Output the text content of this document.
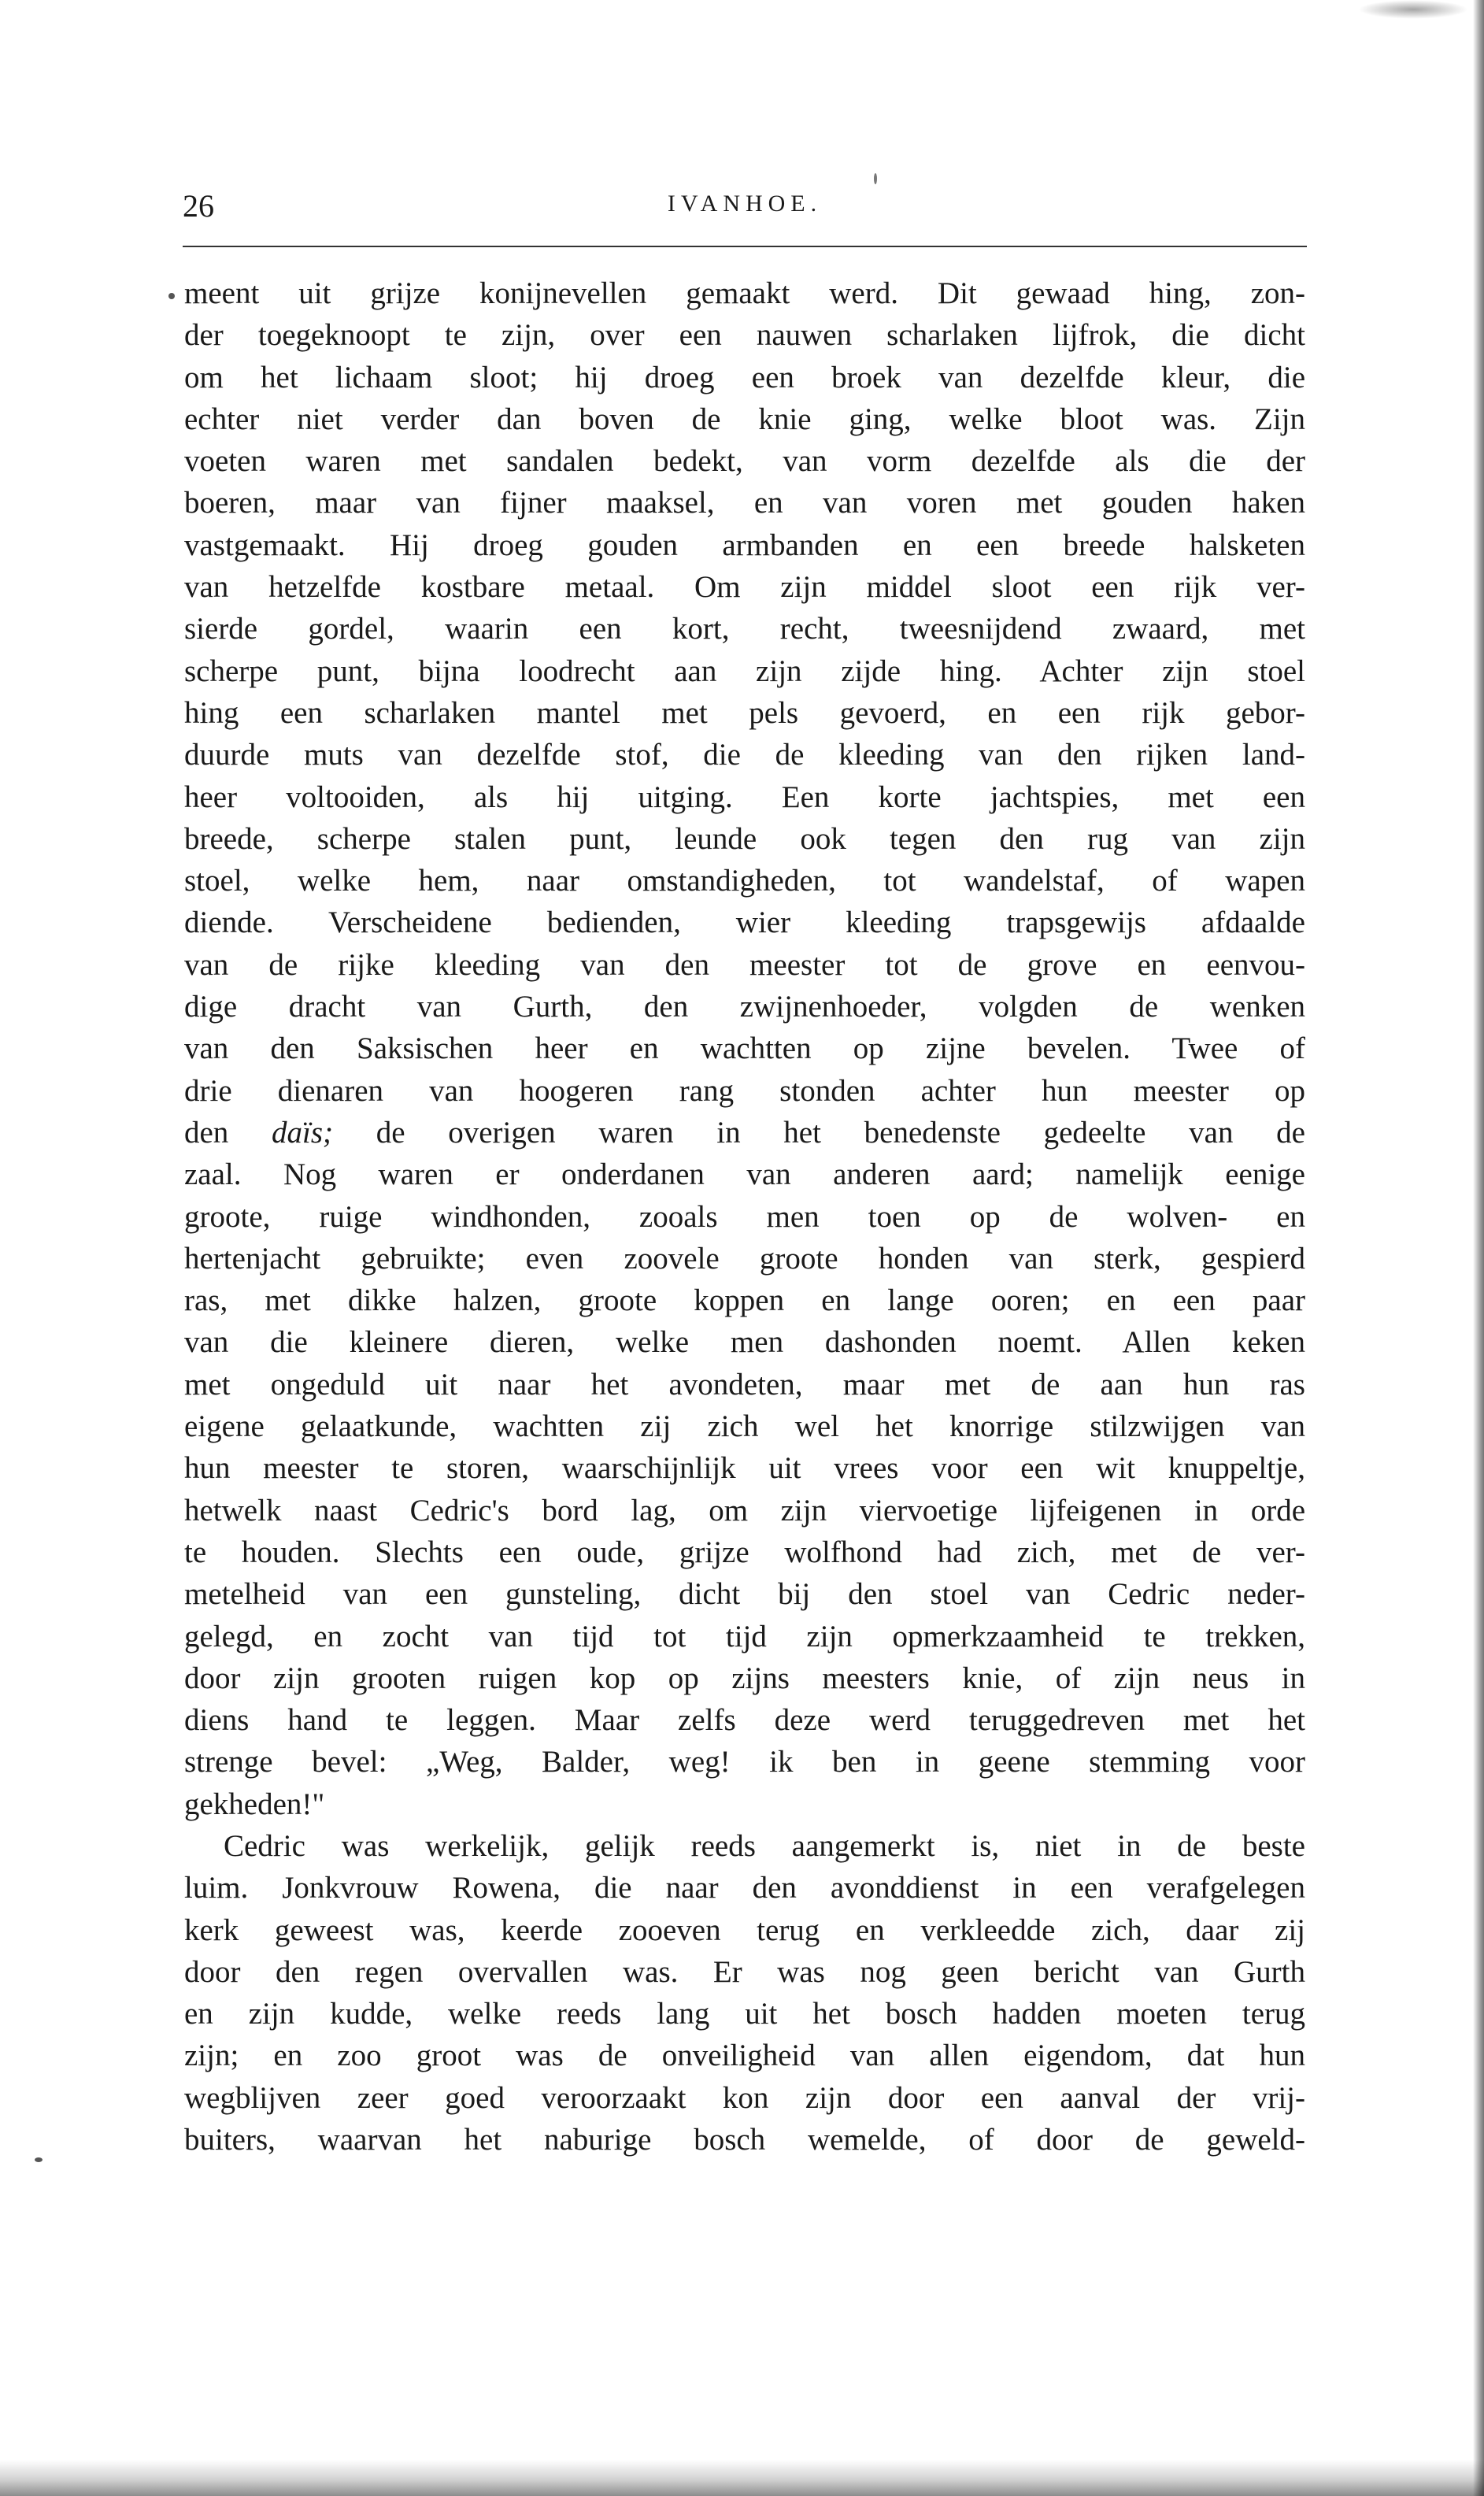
26	IVANHOE.
meent uit grijze konijnevellen gemaakt werd. Dit gewaad hing, zon-
der toegeknoopt te zijn, over een nauwen scharlaken lijfrok, die dicht
om het lichaam sloot; hij droeg een broek van dezelfde kleur, die
echter niet verder dan boven de knie ging, welke bloot was. Zijn
voeten waren met sandalen bedekt, van vorm dezelfde als die der
boeren, maar van fijner maaksel, en van voren met gouden haken
vastgemaakt. Hij droeg gouden armbanden en een breede halsketen
van hetzelfde kostbare metaal. Om zijn middel sloot een rijk ver-
sierde gordel, waarin een kort, recht, tweesnijdend zwaard, met
scherpe punt, bijna loodrecht aan zijn zijde hing. Achter zijn stoel
hing een scharlaken mantel met pels gevoerd, en een rijk gebor-
duurde muts van dezelfde stof, die de kleeding van den rijken land-
heer voltooiden, als hij uitging. Een korte jachtspies, met een
breede, scherpe stalen punt, leunde ook tegen den rug van zijn
stoel, welke hem, naar omstandigheden, tot wandelstaf, of wapen
diende. Verscheidene bedienden, wier kleeding trapsgewijs afdaalde
van de rijke kleeding van den meester tot de grove en eenvou-
dige dracht van Gurth, den zwijnenhoeder, volgden de wenken
van den Saksischen heer en wachtten op zijne bevelen. Twee of
drie dienaren van hoogeren rang stonden achter hun meester op
den daïs; de overigen waren in het benedenste gedeelte van de
zaal. Nog waren er onderdanen van anderen aard; namelijk eenige
groote, ruige windhonden, zooals men toen op de wolven- en
hertenjacht gebruikte; even zoovele groote honden van sterk, gespierd
ras, met dikke halzen, groote koppen en lange ooren; en een paar
van die kleinere dieren, welke men dashonden noemt. Allen keken
met ongeduld uit naar het avondeten, maar met de aan hun ras
eigene gelaatkunde, wachtten zij zich wel het knorrige stilzwijgen van
hun meester te storen, waarschijnlijk uit vrees voor een wit knuppeltje,
hetwelk naast Cedric's bord lag, om zijn viervoetige lijfeigenen in orde
te houden. Slechts een oude, grijze wolfhond had zich, met de ver-
metelheid van een gunsteling, dicht bij den stoel van Cedric neder-
gelegd, en zocht van tijd tot tijd zijn opmerkzaamheid te trekken,
door zijn grooten ruigen kop op zijns meesters knie, of zijn neus in
diens hand te leggen. Maar zelfs deze werd teruggedreven met het
strenge bevel: „Weg, Balder, weg! ik ben in geene stemming voor
gekheden!"
Cedric was werkelijk, gelijk reeds aangemerkt is, niet in de beste
luim. Jonkvrouw Rowena, die naar den avonddienst in een verafgelegen
kerk geweest was, keerde zooeven terug en verkleedde zich, daar zij
door den regen overvallen was. Er was nog geen bericht van Gurth
en zijn kudde, welke reeds lang uit het bosch hadden moeten terug
zijn; en zoo groot was de onveiligheid van allen eigendom, dat hun
wegblijven zeer goed veroorzaakt kon zijn door een aanval der vrij-
buiters, waarvan het naburige bosch wemelde, of door de geweld-
